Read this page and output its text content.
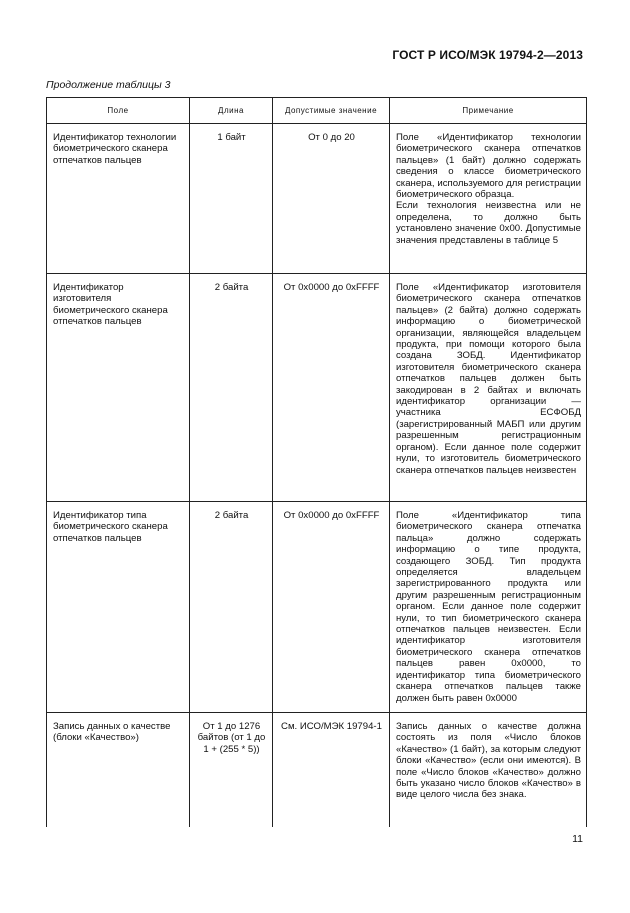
ГОСТ Р ИСО/МЭК 19794-2—2013
Продолжение таблицы 3
Поле	Длина	Допустимые значение	Примечание
Идентификатор технологии биометрического сканера отпечатков пальцев	1 байт	От 0 до 20	Поле «Идентификатор технологии биометрического сканера отпечатков пальцев» (1 байт) должно содержать сведения о классе биометрического сканера, используемого для регистрации биометрического образца.

Если технология неизвестна или не определена, то должно быть установлено значение 0x00. Допустимые значения представлены в таблице 5

Идентификатор изготовителя биометрического сканера отпечатков пальцев	2 байта	От 0x0000 до 0xFFFF	Поле «Идентификатор изготовителя биометрического сканера отпечатков пальцев» (2 байта) должно содержать информацию о биометрической организации, являющейся владельцем продукта, при помощи которого была создана ЗОБД. Идентификатор изготовителя биометрического сканера отпечатков пальцев должен быть закодирован в 2 байтах и включать идентификатор организации — участника ЕСФОБД (зарегистрированный МАБП или другим разрешенным регистрационным органом). Если данное поле содержит нули, то изготовитель биометрического сканера отпечатков пальцев неизвестен

Идентификатор типа биометрического сканера отпечатков пальцев	2 байта	От 0x0000 до 0xFFFF	Поле «Идентификатор типа биометрического сканера отпечатка пальца» должно содержать информацию о типе продукта, создающего ЗОБД. Тип продукта определяется владельцем зарегистрированного продукта или другим разрешенным регистрационным органом. Если данное поле содержит нули, то тип биометрического сканера отпечатков пальцев неизвестен. Если идентификатор изготовителя биометрического сканера отпечатков пальцев равен 0x0000, то идентификатор типа биометрического сканера отпечатков пальцев также должен быть равен 0x0000

Запись данных о качестве (блоки «Качество»)	От 1 до 1276 байтов (от 1 до 1 + (255 * 5))	См. ИСО/МЭК 19794-1	Запись данных о качестве должна состоять из поля «Число блоков «Качество» (1 байт), за которым следуют блоки «Качество» (если они имеются). В поле «Число блоков «Качество» должно быть указано число блоков «Качество» в виде целого числа без знака.

11
